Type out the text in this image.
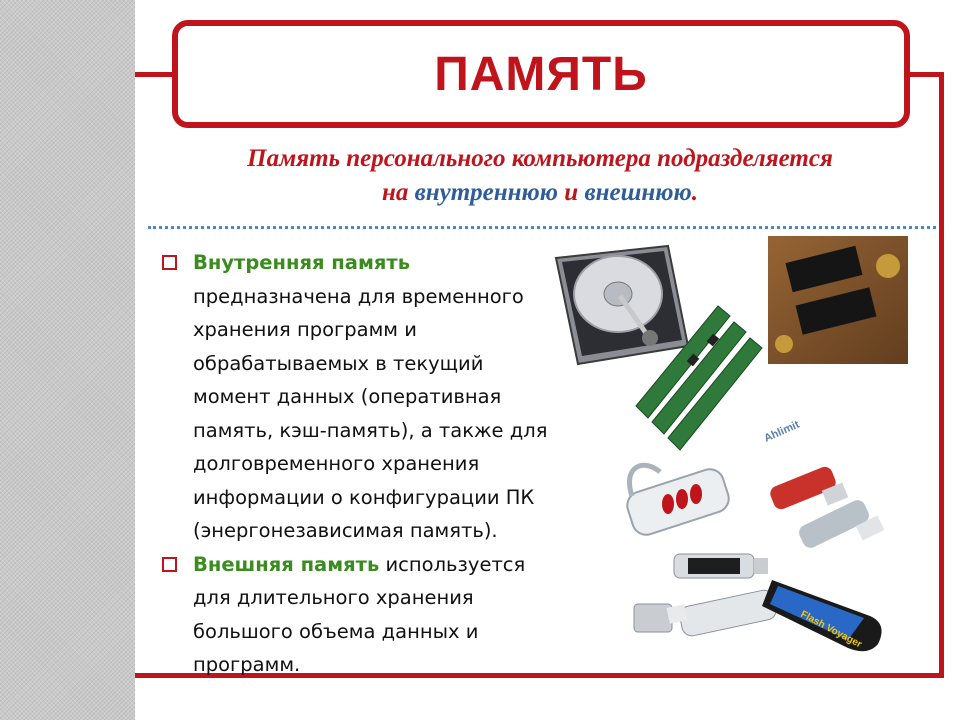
ПАМЯТЬ
Память персонального компьютера подразделяется
на внутреннюю и внешнюю.
Внутренняя память предназначена для временного хранения программ и обрабатываемых в текущий момент данных (оперативная память, кэш-память), а также для долговременного хранения информации о конфигурации ПК (энергонезависимая память).
Внешняя память используется для длительного хранения большого объема данных и программ.
Ahlimit
Flash Voyager
